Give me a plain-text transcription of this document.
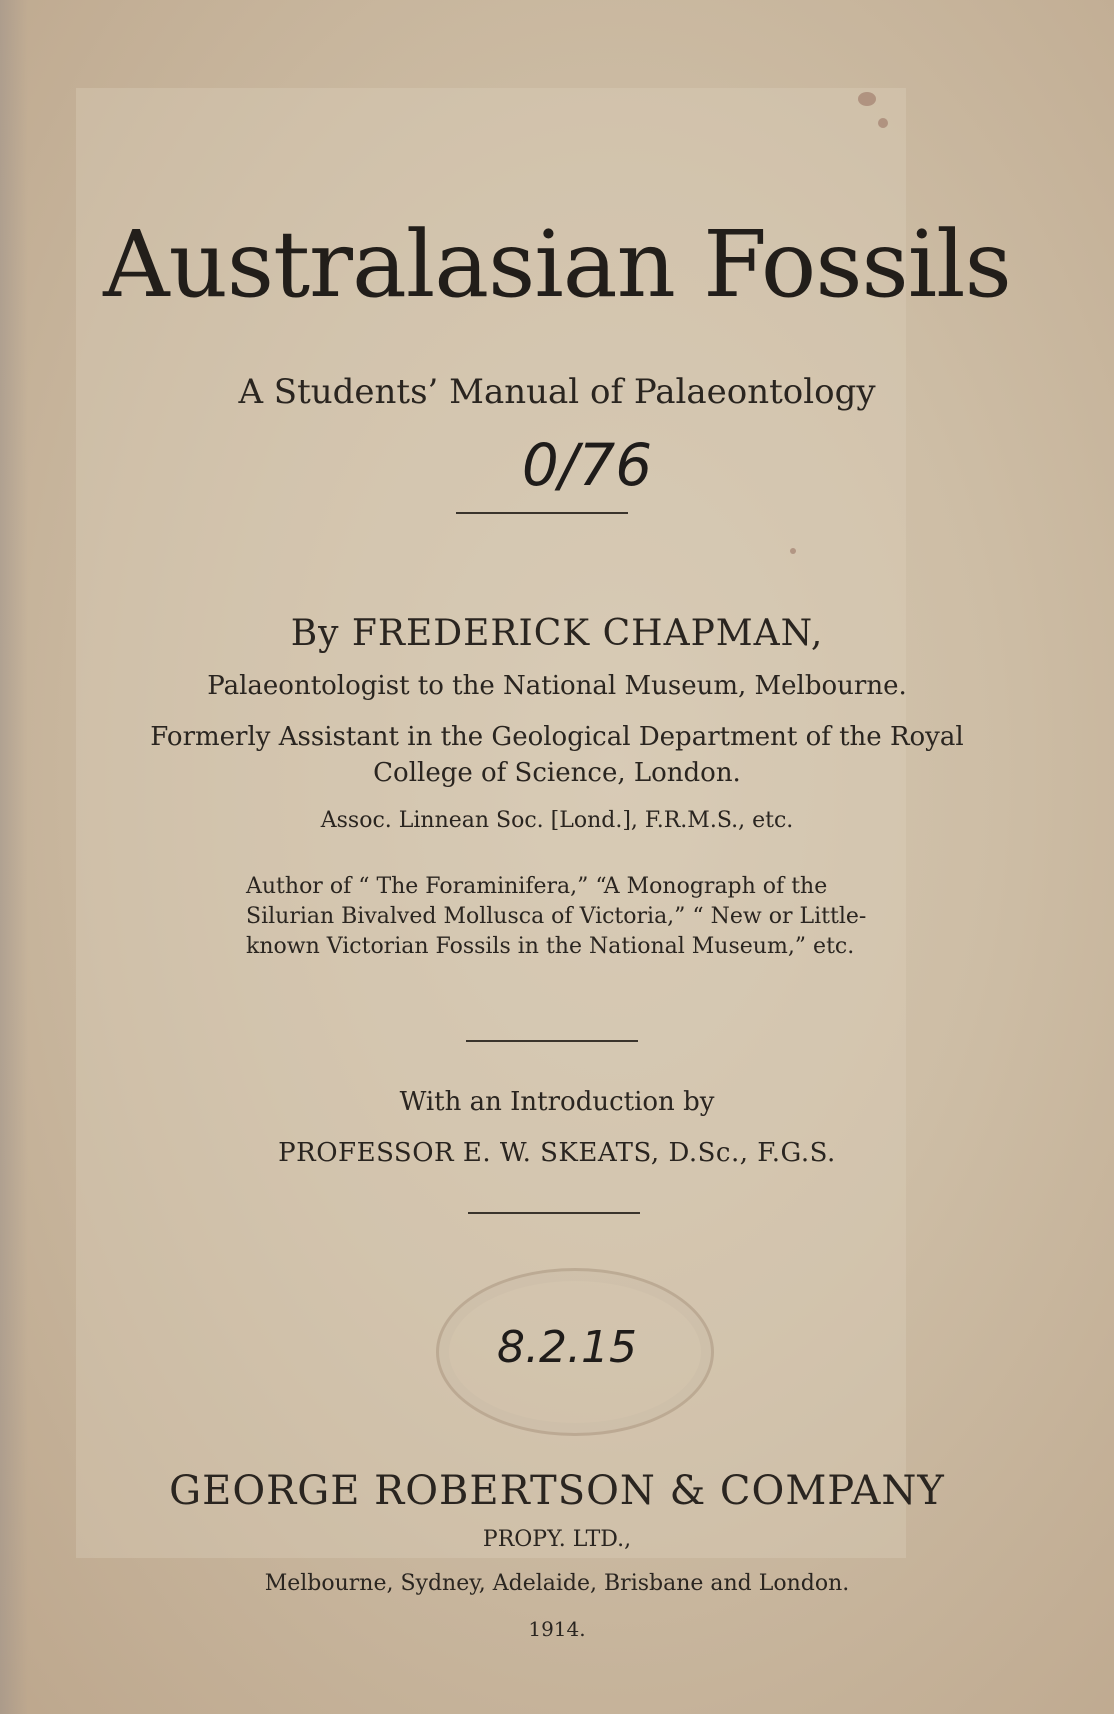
Australasian Fossils
A Students’ Manual of Palaeontology
0/76
By FREDERICK CHAPMAN,
Palaeontologist to the National Museum, Melbourne.
Formerly Assistant in the Geological Department of the Royal
College of Science, London.
Assoc. Linnean Soc. [Lond.], F.R.M.S., etc.
Author of “ The Foraminifera,” “A Monograph of the
Silurian Bivalved Mollusca of Victoria,” “ New or Little-
known Victorian Fossils in the National Museum,” etc.
With an Introduction by
PROFESSOR E. W. SKEATS, D.Sc., F.G.S.
8.2.15
GEORGE ROBERTSON & COMPANY
PROPY. LTD.,
Melbourne, Sydney, Adelaide, Brisbane and London.
1914.
